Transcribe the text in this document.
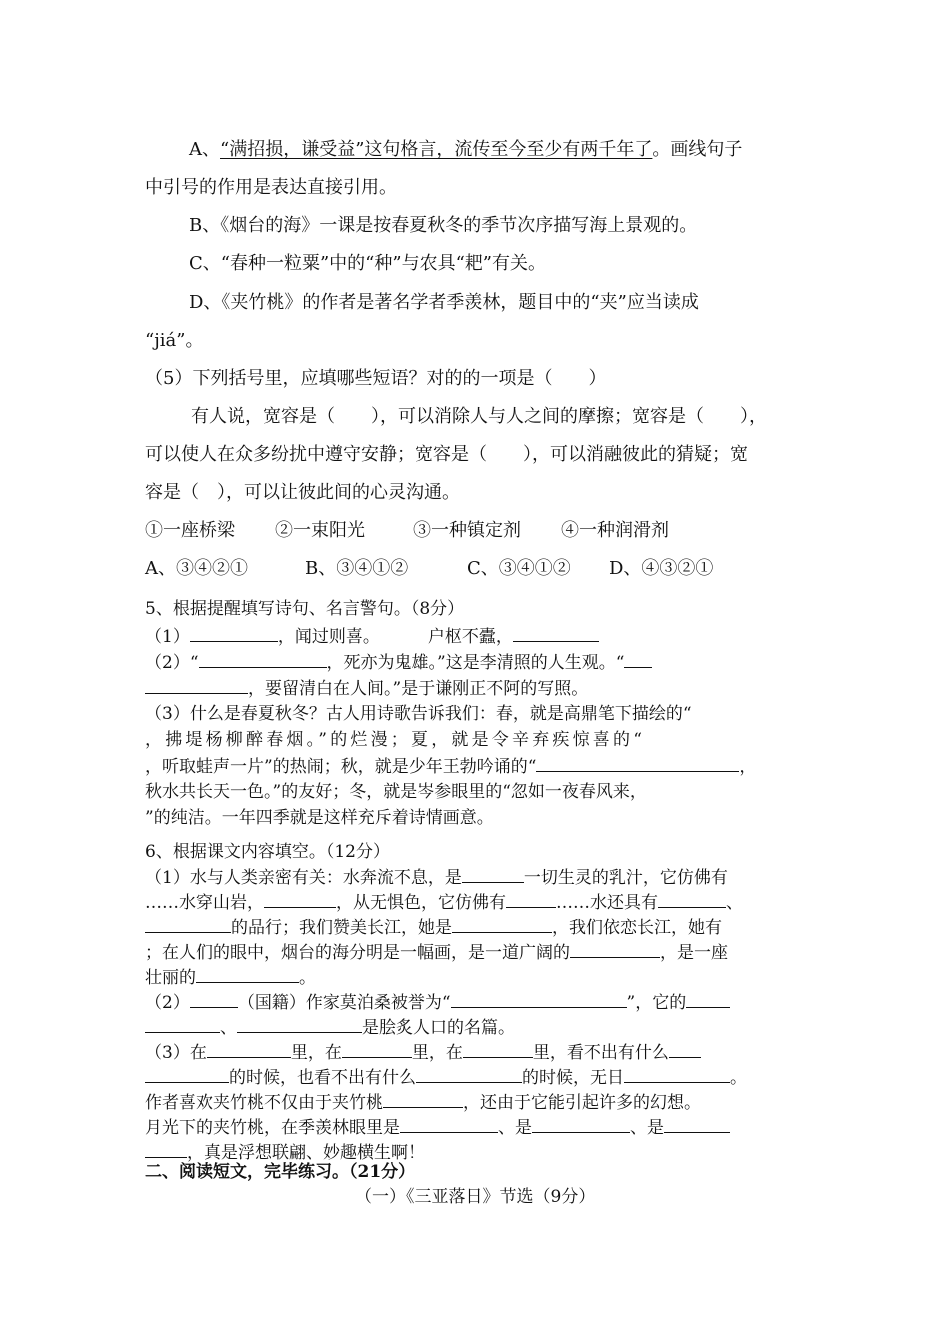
A、“满招损，谦受益”这句格言，流传至今至少有两千年了。画线句子
中引号的作用是表达直接引用。
B、《烟台的海》一课是按春夏秋冬的季节次序描写海上景观的。
C、“春种一粒粟”中的“种”与农具“耙”有关。
D、《夹竹桃》的作者是著名学者季羡林，题目中的“夹”应当读成
“jiá”。
（5）下列括号里，应填哪些短语？对的的一项是（　　）
有人说，宽容是（　　），可以消除人与人之间的摩擦；宽容是（　　），
可以使人在众多纷扰中遵守安静；宽容是（　　），可以消融彼此的猜疑；宽
容是（　），可以让彼此间的心灵沟通。
①一座桥梁 ②一束阳光	③一种镇定剂 ④一种润滑剂
A、③④②①	B、③④①②	C、③④①② D、④③②①
5、根据提醒填写诗句、名言警句。（8分）
（1）	，闻过则喜。	户枢不蠹，
（2）“	，死亦为鬼雄。”这是李清照的人生观。“
，要留清白在人间。”是于谦刚正不阿的写照。
（3）什么是春夏秋冬？古人用诗歌告诉我们：春，就是高鼎笔下描绘的“
，拂堤杨柳醉春烟。”的烂漫；夏，就是令辛弃疾惊喜的“
，听取蛙声一片”的热闹；秋，就是少年王勃吟诵的“	，
秋水共长天一色。”的友好；冬，就是岑参眼里的“忽如一夜春风来，
”的纯洁。一年四季就是这样充斥着诗情画意。
6、根据课文内容填空。（12分）
（1）水与人类亲密有关：水奔流不息，是	一切生灵的乳汁，它仿佛有
……水穿山岩，	，从无惧色，它仿佛有	……水还具有	、
的品行；我们赞美长江，她是	，我们依恋长江，她有
；在人们的眼中，烟台的海分明是一幅画，是一道广阔的	，是一座
壮丽的	。
（2）	（国籍）作家莫泊桑被誉为“	”，它的
、	是脍炙人口的名篇。
（3）在	里，在	里，在	里，看不出有什么
的时候，也看不出有什么	的时候，无日	。
作者喜欢夹竹桃不仅由于夹竹桃	，还由于它能引起许多的幻想。
月光下的夹竹桃，在季羡林眼里是	、是	、是
，真是浮想联翩、妙趣横生啊！
二、阅读短文，完毕练习。（21分）
（一）《三亚落日》节选（9分）
